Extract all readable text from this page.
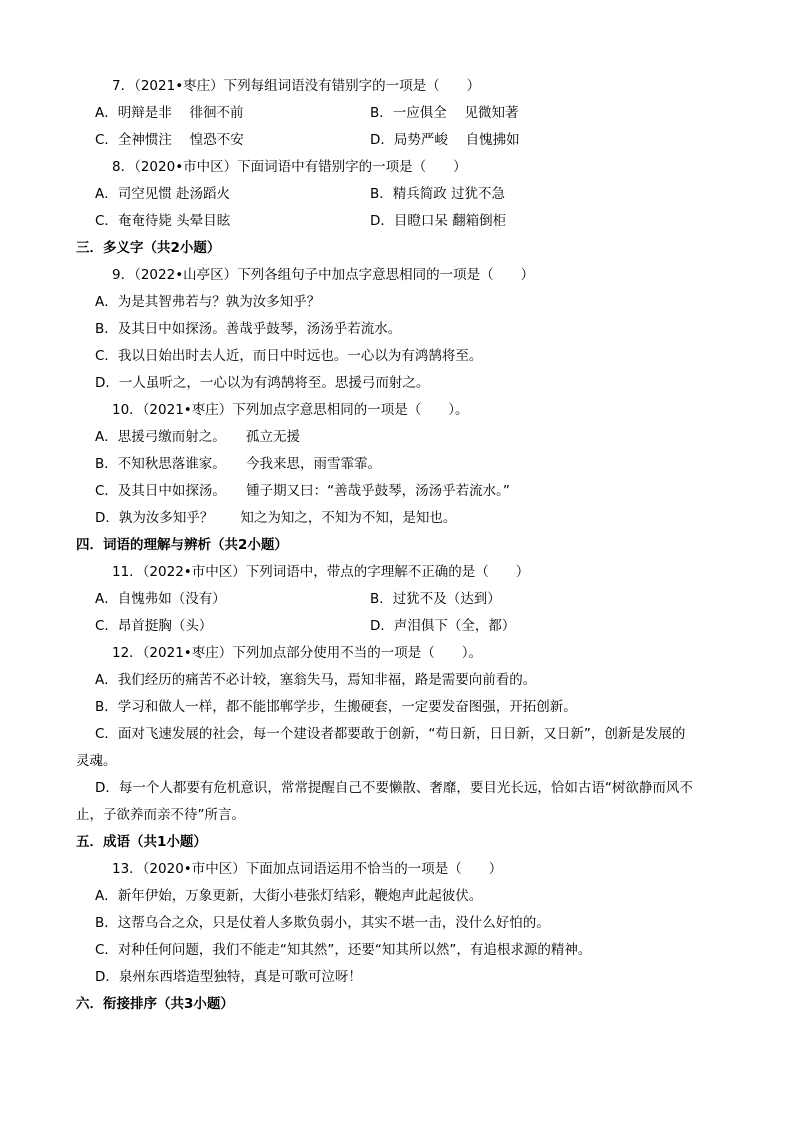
7．（2021•枣庄）下列每组词语没有错别字的一项是（　　）
A．明辩是非　 徘徊不前	B．一应俱全　 见微知著
C．全神惯注　 惶恐不安	D．局势严峻　 自愧拂如
8．（2020•市中区）下面词语中有错别字的一项是（　　）
A．司空见惯 赴汤蹈火	B．精兵简政 过犹不急
C．奄奄待毙 头晕目眩	D．目瞪口呆 翻箱倒柜
三．多义字（共2小题）
9．（2022•山亭区）下列各组句子中加点字意思相同的一项是（　　）
A．为是其智弗若与？孰为汝多知乎？
B．及其日中如探汤。善哉乎鼓琴，汤汤乎若流水。
C．我以日始出时去人近，而日中时远也。一心以为有鸿鹄将至。
D．一人虽听之，一心以为有鸿鹄将至。思援弓而射之。
10．（2021•枣庄）下列加点字意思相同的一项是（　　）。
A．思援弓缴而射之。　　孤立无援
B．不知秋思落谁家。　　今我来思，雨雪霏霏。
C．及其日中如探汤。　　锺子期又曰：“善哉乎鼓琴，汤汤乎若流水。”
D．孰为汝多知乎？　　知之为知之，不知为不知，是知也。
四．词语的理解与辨析（共2小题）
11．（2022•市中区）下列词语中，带点的字理解不正确的是（　　）
A．自愧弗如（没有）	B．过犹不及（达到）
C．昂首挺胸（头）	D．声泪俱下（全，都）
12．（2021•枣庄）下列加点部分使用不当的一项是（　　）。
A．我们经历的痛苦不必计较，塞翁失马，焉知非福，路是需要向前看的。
B．学习和做人一样，都不能邯郸学步，生搬硬套，一定要发奋图强，开拓创新。
C．面对飞速发展的社会，每一个建设者都要敢于创新，“苟日新，日日新，又日新”，创新是发展的
灵魂。
D．每一个人都要有危机意识，常常提醒自己不要懒散、奢靡，要目光长远，恰如古语“树欲静而风不
止，子欲养而亲不待”所言。
五．成语（共1小题）
13．（2020•市中区）下面加点词语运用不恰当的一项是（　　）
A．新年伊始，万象更新，大街小巷张灯结彩，鞭炮声此起彼伏。
B．这帮乌合之众，只是仗着人多欺负弱小，其实不堪一击，没什么好怕的。
C．对种任何问题，我们不能走“知其然”，还要“知其所以然”，有追根求源的精神。
D．泉州东西塔造型独特，真是可歌可泣呀！
六．衔接排序（共3小题）
